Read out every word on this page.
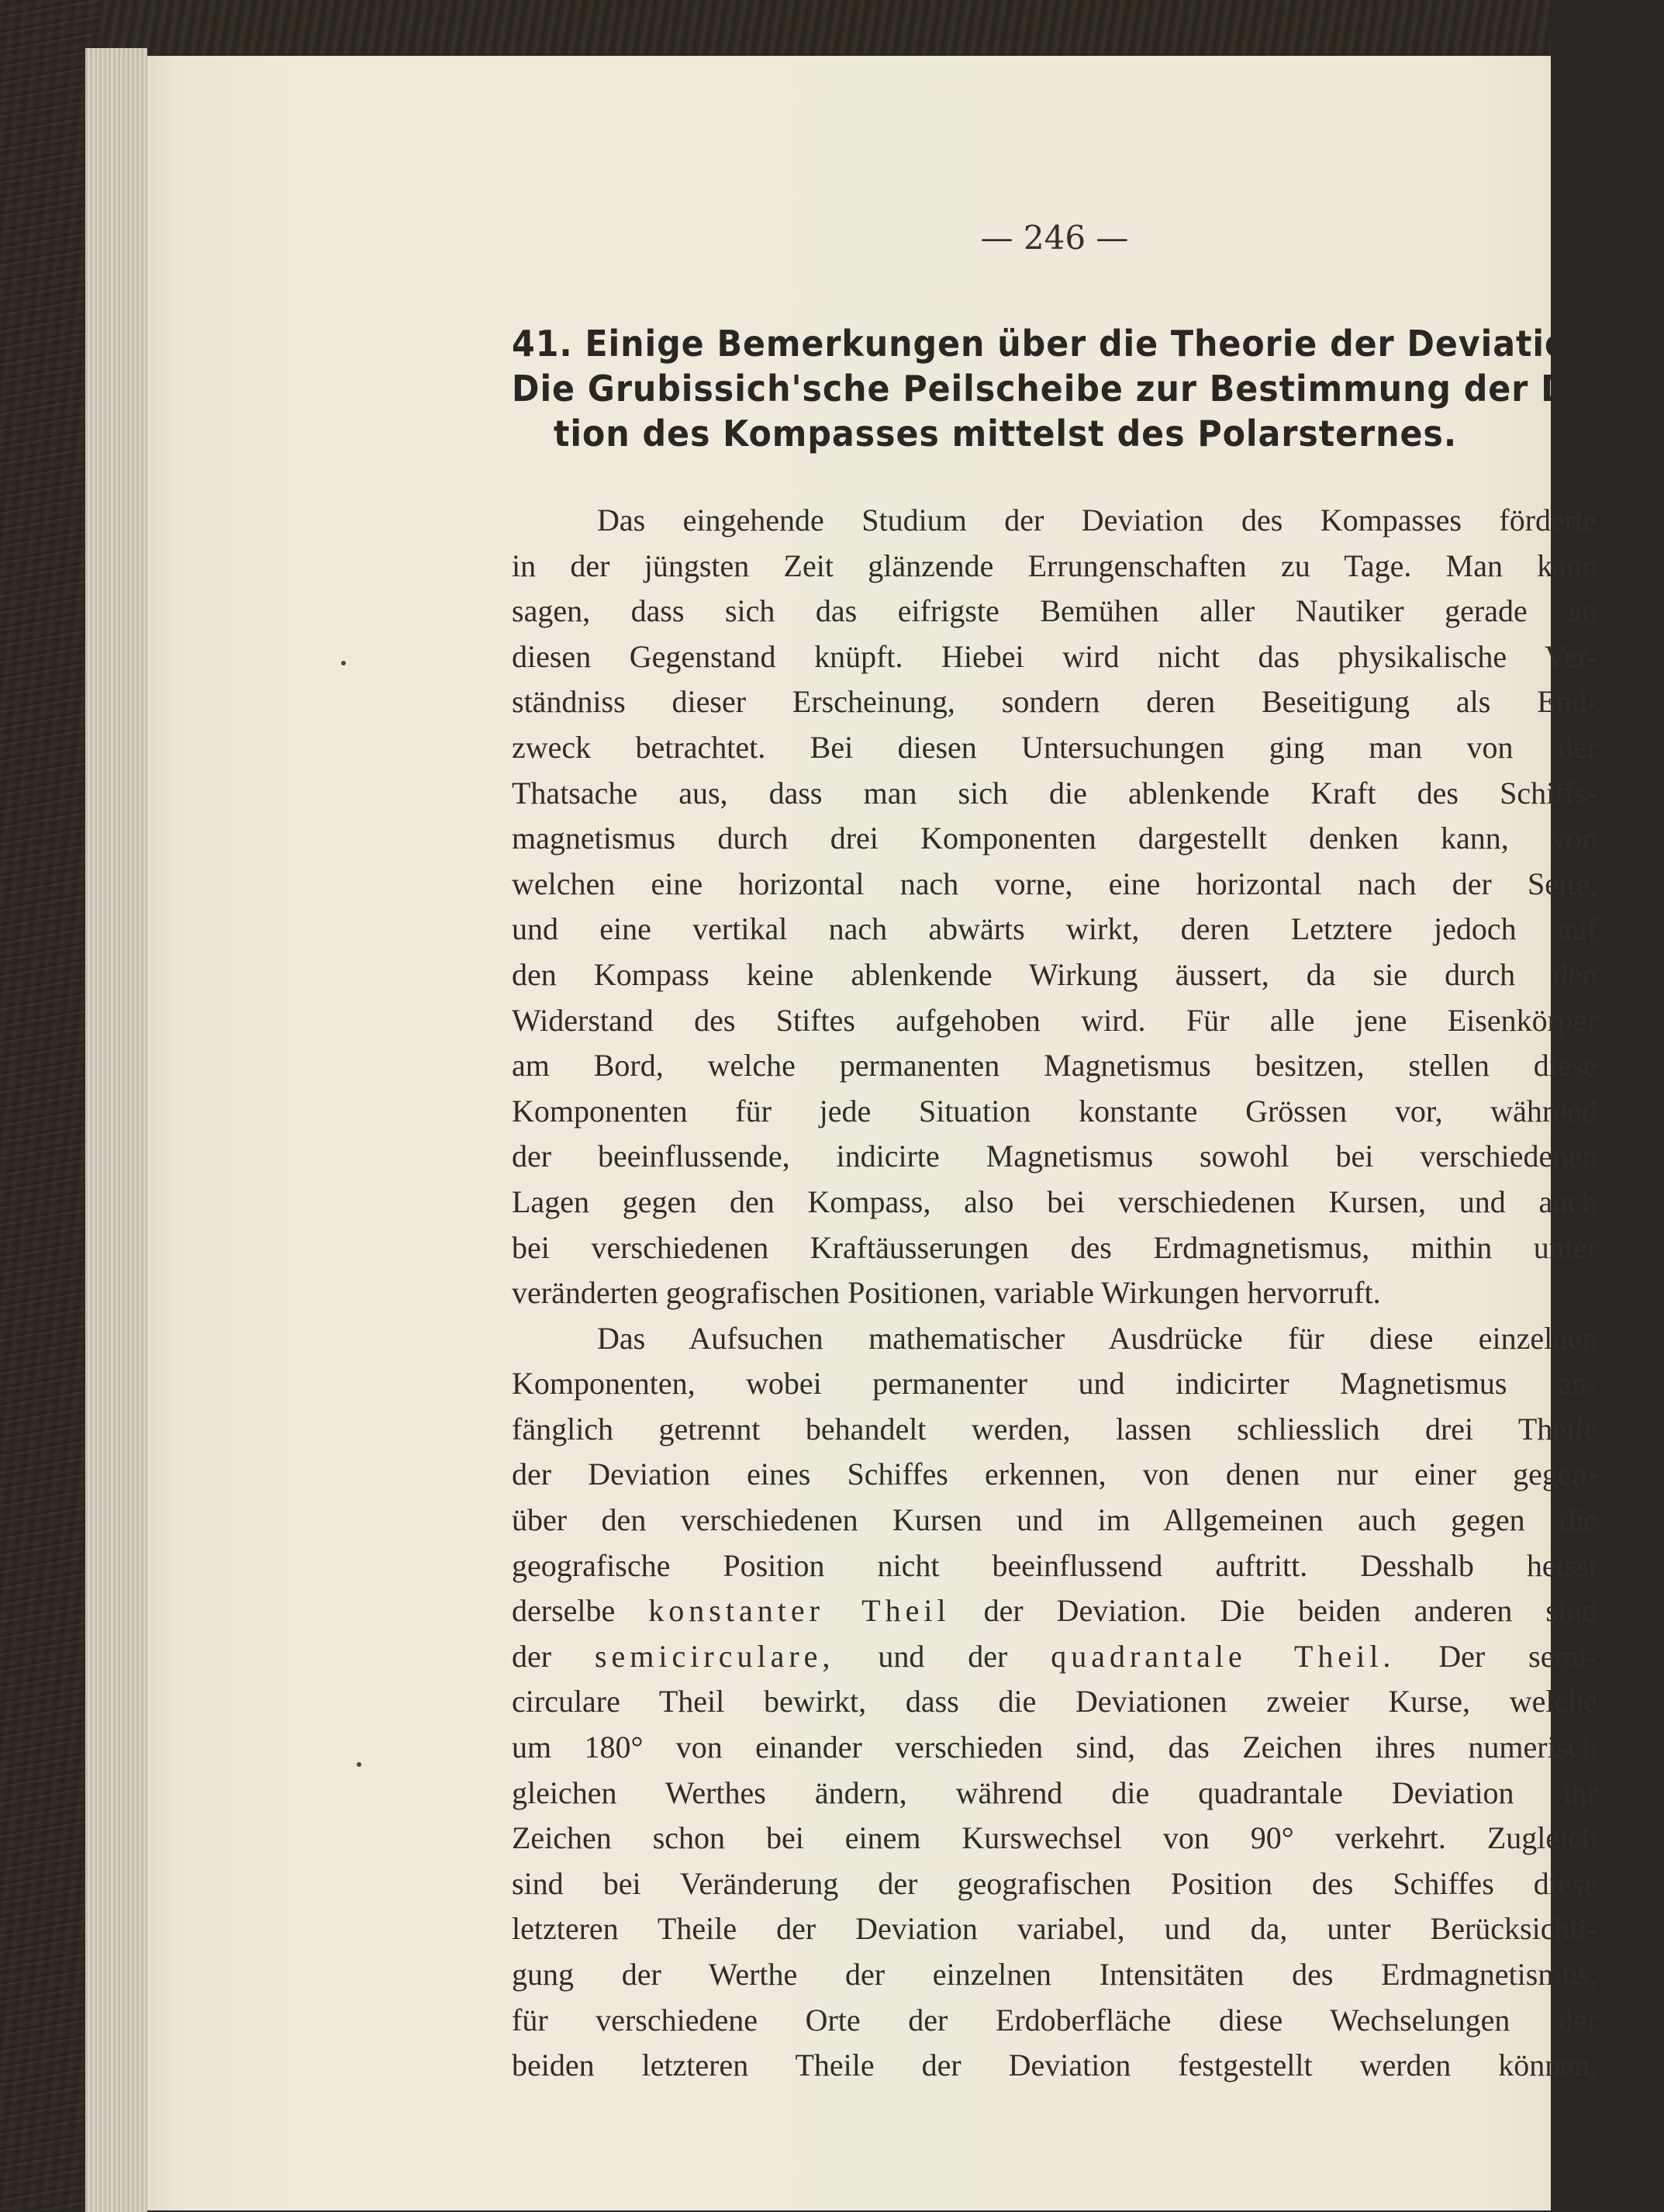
— 246 —
41. Einige Bemerkungen über die Theorie der Deviation.
Die Grubissich'sche Peilscheibe zur Bestimmung der Devia-
tion des Kompasses mittelst des Polarsternes.
Das eingehende Studium der Deviation des Kompasses förderte
in der jüngsten Zeit glänzende Errungenschaften zu Tage. Man kann
sagen, dass sich das eifrigste Bemühen aller Nautiker gerade an
diesen Gegenstand knüpft. Hiebei wird nicht das physikalische Ver-
ständniss dieser Erscheinung, sondern deren Beseitigung als End-
zweck betrachtet. Bei diesen Untersuchungen ging man von der
Thatsache aus, dass man sich die ablenkende Kraft des Schiffs-
magnetismus durch drei Komponenten dargestellt denken kann, von
welchen eine horizontal nach vorne, eine horizontal nach der Seite,
und eine vertikal nach abwärts wirkt, deren Letztere jedoch auf
den Kompass keine ablenkende Wirkung äussert, da sie durch den
Widerstand des Stiftes aufgehoben wird. Für alle jene Eisenkörper
am Bord, welche permanenten Magnetismus besitzen, stellen diese
Komponenten für jede Situation konstante Grössen vor, während
der beeinflussende, indicirte Magnetismus sowohl bei verschiedenen
Lagen gegen den Kompass, also bei verschiedenen Kursen, und auch
bei verschiedenen Kraftäusserungen des Erdmagnetismus, mithin unter
veränderten geografischen Positionen, variable Wirkungen hervorruft.
Das Aufsuchen mathematischer Ausdrücke für diese einzelnen
Komponenten, wobei permanenter und indicirter Magnetismus an-
fänglich getrennt behandelt werden, lassen schliesslich drei Theile
der Deviation eines Schiffes erkennen, von denen nur einer gegen-
über den verschiedenen Kursen und im Allgemeinen auch gegen die
geografische Position nicht beeinflussend auftritt. Desshalb heisst
derselbe konstanter Theil der Deviation. Die beiden anderen sind
der semicirculare, und der quadrantale Theil. Der semi-
circulare Theil bewirkt, dass die Deviationen zweier Kurse, welche
um 180° von einander verschieden sind, das Zeichen ihres numerisch
gleichen Werthes ändern, während die quadrantale Deviation ihr
Zeichen schon bei einem Kurswechsel von 90° verkehrt. Zugleich
sind bei Veränderung der geografischen Position des Schiffes diese
letzteren Theile der Deviation variabel, und da, unter Berücksichti-
gung der Werthe der einzelnen Intensitäten des Erdmagnetismus,
für verschiedene Orte der Erdoberfläche diese Wechselungen der
beiden letzteren Theile der Deviation festgestellt werden können,
